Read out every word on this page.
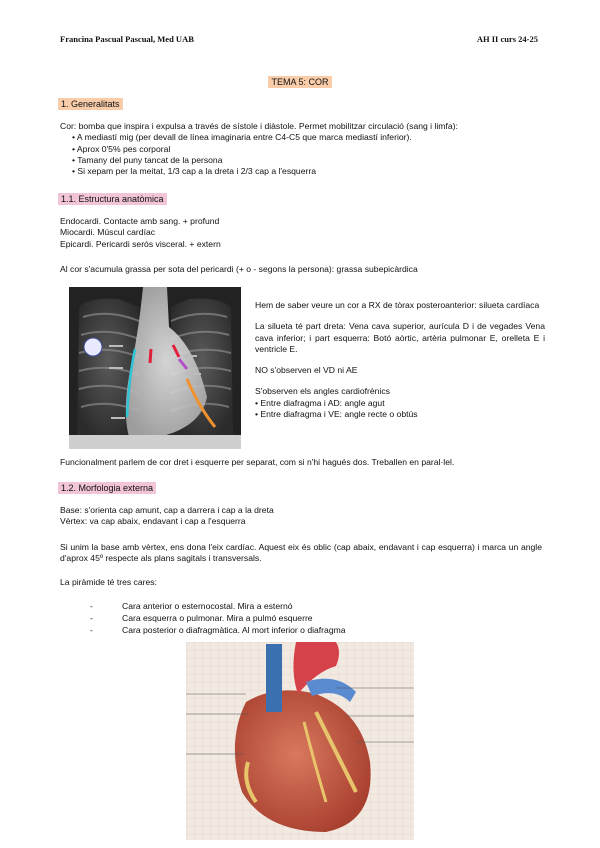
Francina Pascual Pascual, Med UAB	AH II curs 24-25
TEMA 5: COR
1. Generalitats
Cor: bomba que inspira i expulsa a través de sístole i diàstole. Permet mobilitzar circulació (sang i limfa):
• A mediastí mig (per devall de línea imaginaria entre C4-C5 que marca mediastí inferior).
• Aprox 0'5% pes corporal
• Tamany del puny tancat de la persona
• Si xepam per la meitat, 1/3 cap a la dreta i 2/3 cap a l'esquerra
1.1. Estructura anatòmica
Endocardi. Contacte amb sang. + profund
Miocardi. Múscul cardíac
Epicardi. Pericardi serós visceral. + extern
Al cor s'acumula grassa per sota del pericardi (+ o - segons la persona): grassa subepicàrdica
Hem de saber veure un cor a RX de tòrax posteroanterior: silueta cardíaca
La silueta té part dreta: Vena cava superior, aurícula D i de vegades Vena cava inferior; i part esquerra: Botó aòrtic, artèria pulmonar E, orelleta E i ventricle E.
NO s'observen el VD ni AE
S'observen els angles cardiofrènics
• Entre diafragma i AD: angle agut
• Entre diafragma i VE: angle recte o obtús
Funcionalment parlem de cor dret i esquerre per separat, com si n'hi hagués dos. Treballen en paral·lel.
1.2. Morfologia externa
Base: s'orienta cap amunt, cap a darrera i cap a la dreta
Vèrtex: va cap abaix, endavant i cap a l'esquerra
Si unim la base amb vèrtex, ens dona l'eix cardíac. Aquest eix és oblic (cap abaix, endavant i cap esquerra) i marca un angle d'aprox 45º respecte als plans sagitals i transversals.
La piràmide té tres cares:
-	Cara anterior o esternocostal. Mira a esternó
-	Cara esquerra o pulmonar. Mira a pulmó esquerre
-	Cara posterior o diafragmàtica. Al mort inferior o diafragma
